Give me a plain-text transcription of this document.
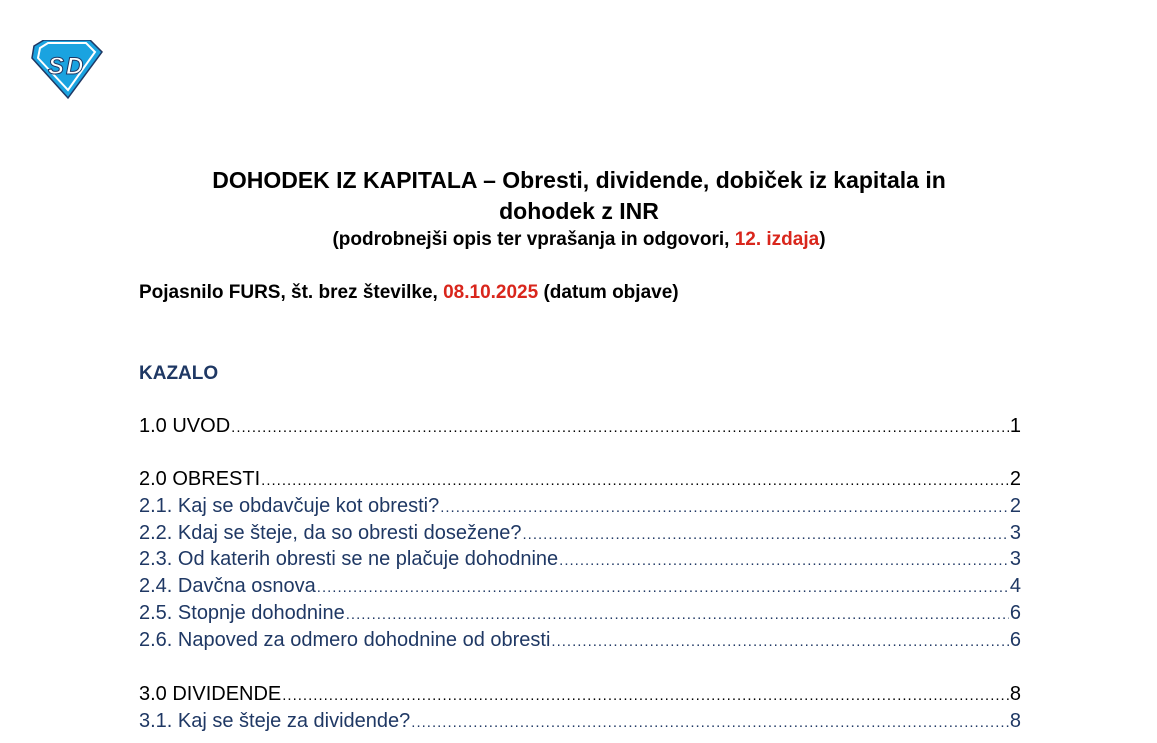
S D
DOHODEK IZ KAPITALA – Obresti, dividende, dobiček iz kapitala in
dohodek z INR
(podrobnejši opis ter vprašanja in odgovori, 12. izdaja)
Pojasnilo FURS, št. brez številke, 08.10.2025 (datum objave)
KAZALO
1.0 UVOD .....	1
2.0 OBRESTI .....	2
2.1. Kaj se obdavčuje kot obresti? .....	2
2.2. Kdaj se šteje, da so obresti dosežene? .....	3
2.3. Od katerih obresti se ne plačuje dohodnine .....	3
2.4. Davčna osnova .....	4
2.5. Stopnje dohodnine .....	6
2.6. Napoved za odmero dohodnine od obresti .....	6
3.0 DIVIDENDE .....	8
3.1. Kaj se šteje za dividende? .....	8
